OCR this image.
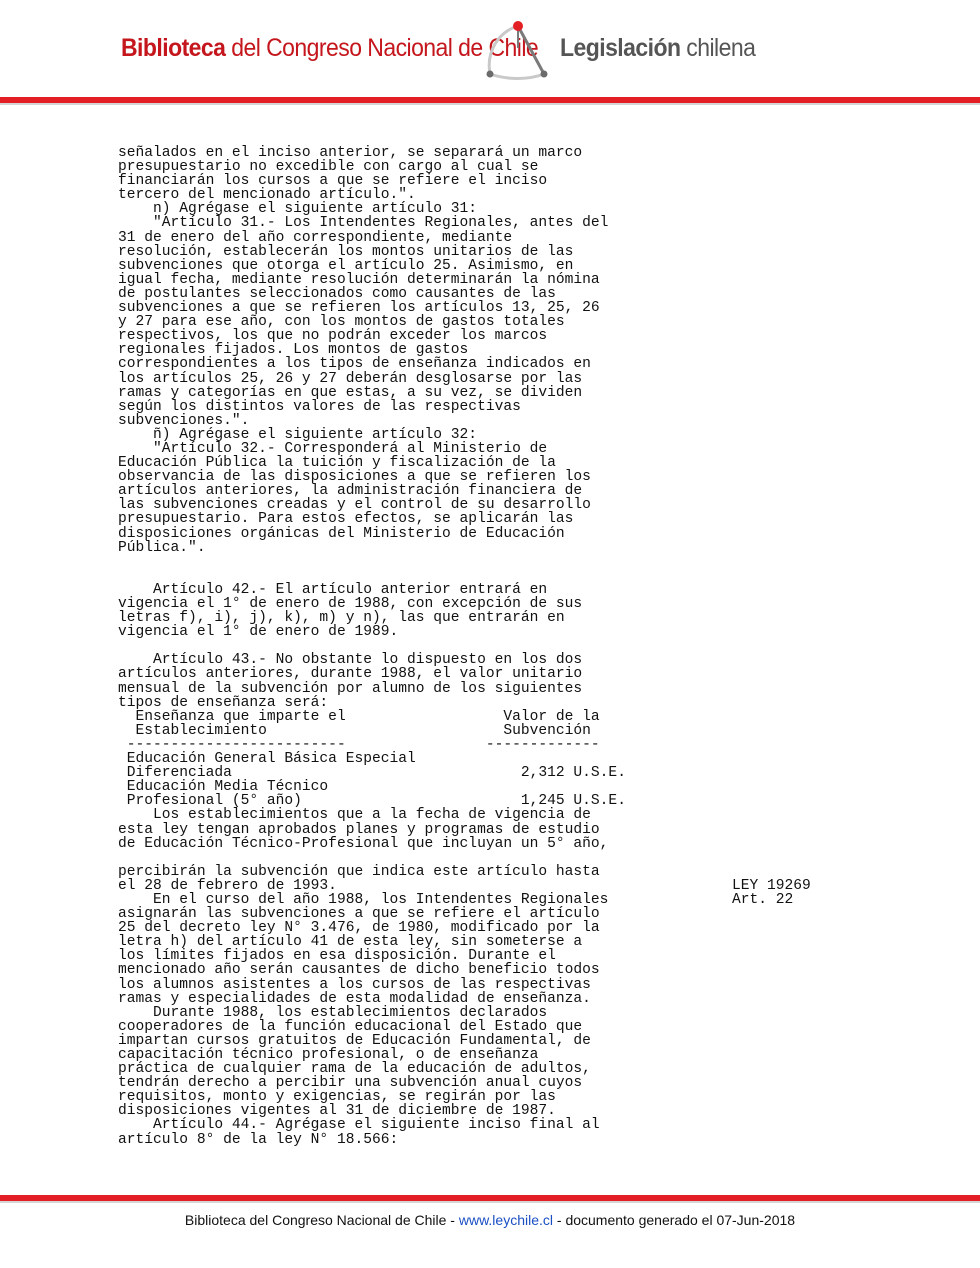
Biblioteca del Congreso Nacional de Chile Legislación chilena
señalados en el inciso anterior, se separará un marco
presupuestario no excedible con cargo al cual se
financiarán los cursos a que se refiere el inciso
tercero del mencionado artículo.".
n) Agrégase el siguiente artículo 31:
"Artículo 31.- Los Intendentes Regionales, antes del
31 de enero del año correspondiente, mediante
resolución, establecerán los montos unitarios de las
subvenciones que otorga el artículo 25. Asimismo, en
igual fecha, mediante resolución determinarán la nómina
de postulantes seleccionados como causantes de las
subvenciones a que se refieren los artículos 13, 25, 26
y 27 para ese año, con los montos de gastos totales
respectivos, los que no podrán exceder los marcos
regionales fijados. Los montos de gastos
correspondientes a los tipos de enseñanza indicados en
los artículos 25, 26 y 27 deberán desglosarse por las
ramas y categorías en que estas, a su vez, se dividen
según los distintos valores de las respectivas
subvenciones.".
ñ) Agrégase el siguiente artículo 32:
"Artículo 32.- Corresponderá al Ministerio de
Educación Pública la tuición y fiscalización de la
observancia de las disposiciones a que se refieren los
artículos anteriores, la administración financiera de
las subvenciones creadas y el control de su desarrollo
presupuestario. Para estos efectos, se aplicarán las
disposiciones orgánicas del Ministerio de Educación
Pública.".

Artículo 42.- El artículo anterior entrará en
vigencia el 1° de enero de 1988, con excepción de sus
letras f), i), j), k), m) y n), las que entrarán en
vigencia el 1° de enero de 1989.

Artículo 43.- No obstante lo dispuesto en los dos
artículos anteriores, durante 1988, el valor unitario
mensual de la subvención por alumno de los siguientes
tipos de enseñanza será:
Enseñanza que imparte el                  Valor de la
Establecimiento                           Subvención
-------------------------                -------------
Educación General Básica Especial
Diferenciada                                 2,312 U.S.E.
Educación Media Técnico
Profesional (5° año)                         1,245 U.S.E.
Los establecimientos que a la fecha de vigencia de
esta ley tengan aprobados planes y programas de estudio
de Educación Técnico-Profesional que incluyan un 5° año,

percibirán la subvención que indica este artículo hasta
el 28 de febrero de 1993.
En el curso del año 1988, los Intendentes Regionales
asignarán las subvenciones a que se refiere el artículo
25 del decreto ley N° 3.476, de 1980, modificado por la
letra h) del artículo 41 de esta ley, sin someterse a
los límites fijados en esa disposición. Durante el
mencionado año serán causantes de dicho beneficio todos
los alumnos asistentes a los cursos de las respectivas
ramas y especialidades de esta modalidad de enseñanza.
Durante 1988, los establecimientos declarados
cooperadores de la función educacional del Estado que
impartan cursos gratuitos de Educación Fundamental, de
capacitación técnico profesional, o de enseñanza
práctica de cualquier rama de la educación de adultos,
tendrán derecho a percibir una subvención anual cuyos
requisitos, monto y exigencias, se regirán por las
disposiciones vigentes al 31 de diciembre de 1987.
Artículo 44.- Agrégase el siguiente inciso final al
artículo 8° de la ley N° 18.566:
LEY 19269
Art. 22
Biblioteca del Congreso Nacional de Chile - www.leychile.cl - documento generado el 07-Jun-2018
